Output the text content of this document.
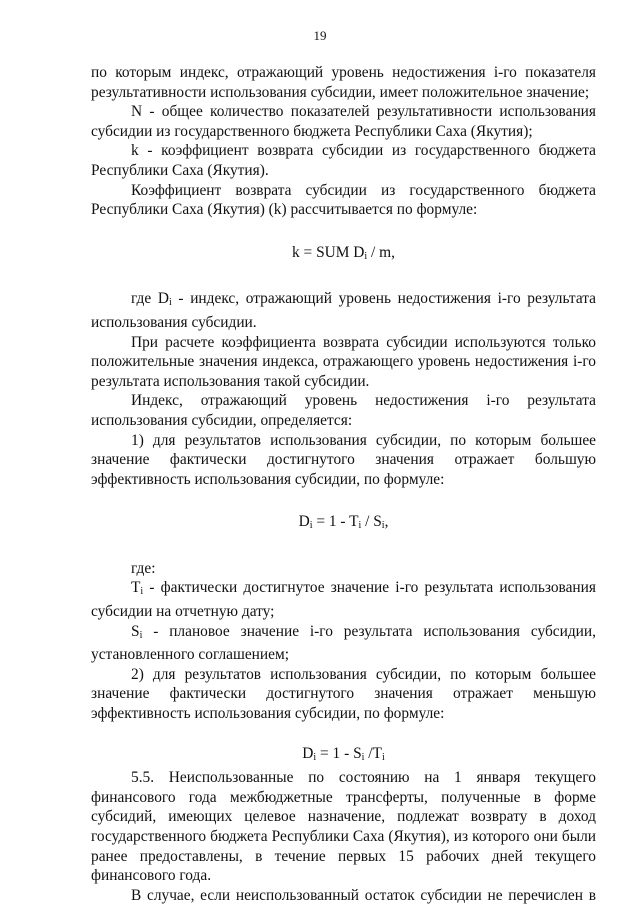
19

по которым индекс, отражающий уровень недостижения i-го показателя результативности использования субсидии, имеет положительное значение;

N - общее количество показателей результативности использования субсидии из государственного бюджета Республики Саха (Якутия);

k - коэффициент возврата субсидии из государственного бюджета Республики Саха (Якутия).

Коэффициент возврата субсидии из государственного бюджета Республики Саха (Якутия) (k) рассчитывается по формуле:

k = SUM $D_i$ / m,

где $D_i$ - индекс, отражающий уровень недостижения i-го результата использования субсидии.

При расчете коэффициента возврата субсидии используются только положительные значения индекса, отражающего уровень недостижения i-го результата использования такой субсидии.

Индекс, отражающий уровень недостижения i-го результата использования субсидии, определяется:

1) для результатов использования субсидии, по которым большее значение фактически достигнутого значения отражает большую эффективность использования субсидии, по формуле:

$D_i = 1 - T_i / S_i$,

где:

$T_i$ - фактически достигнутое значение i-го результата использования субсидии на отчетную дату;

$S_i$ - плановое значение i-го результата использования субсидии, установленного соглашением;

2) для результатов использования субсидии, по которым большее значение фактически достигнутого значения отражает меньшую эффективность использования субсидии, по формуле:

$D_i = 1 - S_i$ $/T_i$

5.5. Неиспользованные по состоянию на 1 января текущего финансового года межбюджетные трансферты, полученные в форме субсидий, имеющих целевое назначение, подлежат возврату в доход государственного бюджета Республики Саха (Якутия), из которого они были ранее предоставлены, в течение первых 15 рабочих дней текущего финансового года.

В случае, если неиспользованный остаток субсидии не перечислен в
